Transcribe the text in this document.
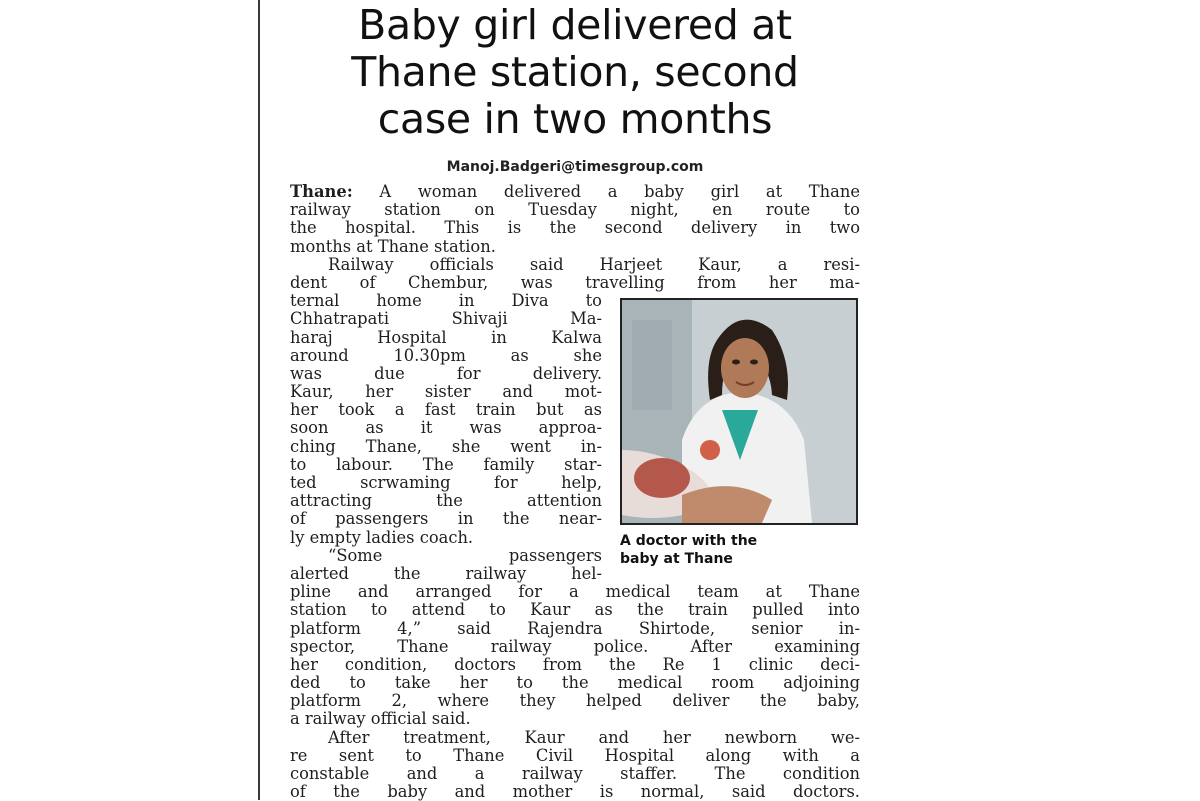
Baby girl delivered at
Thane station, second
case in two months
Manoj.Badgeri@timesgroup.com
Thane: A woman delivered a baby girl at Thane
railway station on Tuesday night, en route to
the hospital. This is the second delivery in two
months at Thane station.
Railway officials said Harjeet Kaur, a resi-
dent of Chembur, was travelling from her ma-
ternal home in Diva to
Chhatrapati Shivaji Ma-
haraj Hospital in Kalwa
around 10.30pm as she
was due for delivery.
Kaur, her sister and mot-
her took a fast train but as
soon as it was approa-
ching Thane, she went in-
to labour. The family star-
ted scrwaming for help,
attracting the attention
of passengers in the near-
ly empty ladies coach.
“Some passengers
alerted the railway hel-
pline and arranged for a medical team at Thane
station to attend to Kaur as the train pulled into
platform 4,” said Rajendra Shirtode, senior in-
spector, Thane railway police. After examining
her condition, doctors from the Re 1 clinic deci-
ded to take her to the medical room adjoining
platform 2, where they helped deliver the baby,
a railway official said.
After treatment, Kaur and her newborn we-
re sent to Thane Civil Hospital along with a
constable and a railway staffer. The condition
of the baby and mother is normal, said doctors.
A doctor with the
baby at Thane
